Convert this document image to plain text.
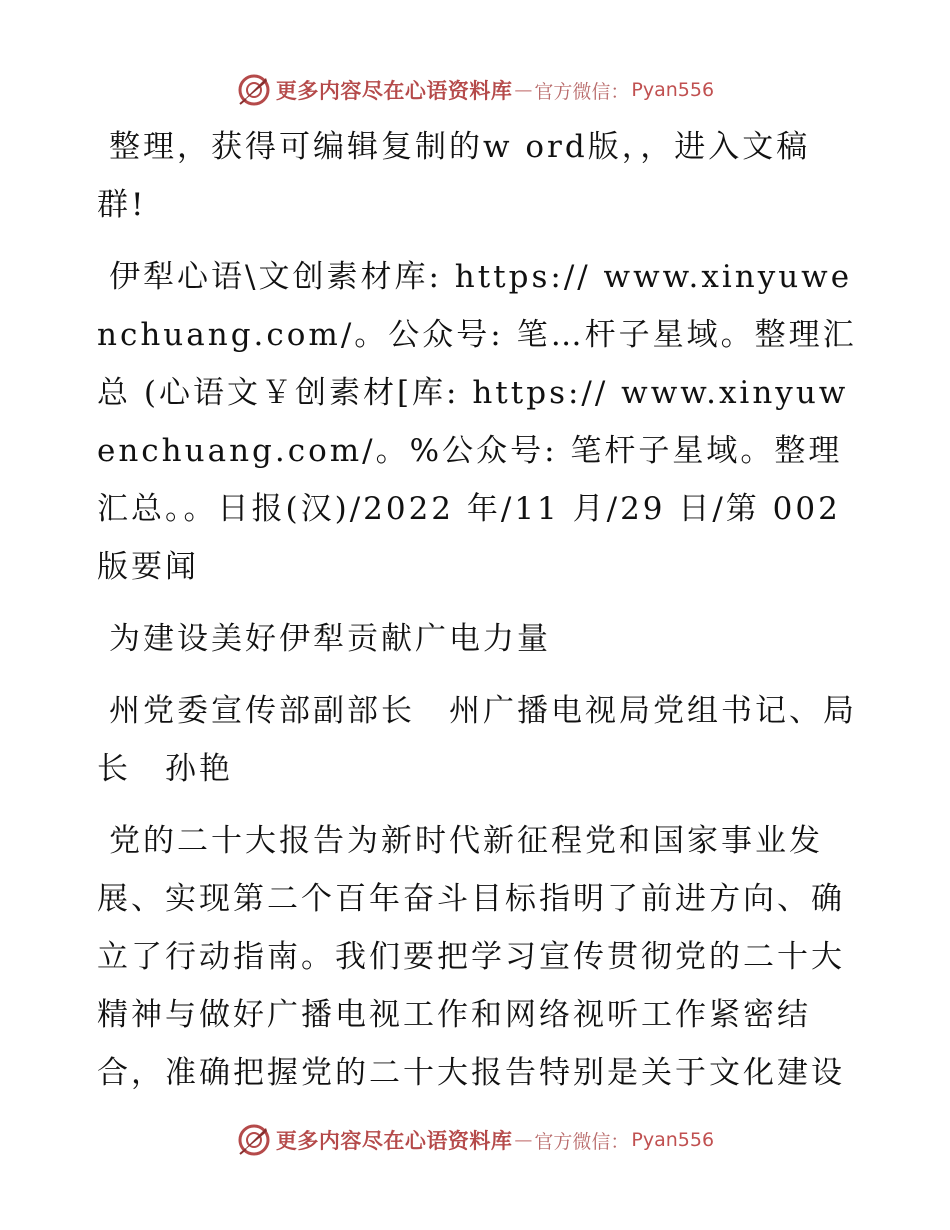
更多内容尽在心语资料库 — 官方微信： Pyan556

整理，获得可编辑复制的w ord版，，进入文稿群!

伊犁心语\文创素材库: https:// www.xinyuwenchuang.com/。公众号: 笔…杆子星域。整理汇总 (心语文￥创素材[库: https:// www.xinyuwenchuang.com/。%公众号: 笔杆子星域。整理汇总。。日报(汉)/2022 年/11 月/29 日/第 002 版要闻

为建设美好伊犁贡献广电力量

州党委宣传部副部长　州广播电视局党组书记、局长　孙艳

党的二十大报告为新时代新征程党和国家事业发展、实现第二个百年奋斗目标指明了前进方向、确立了行动指南。我们要把学习宣传贯彻党的二十大精神与做好广播电视工作和网络视听工作紧密结合，准确把握党的二十大报告特别是关于文化建设

更多内容尽在心语资料库 — 官方微信： Pyan556
